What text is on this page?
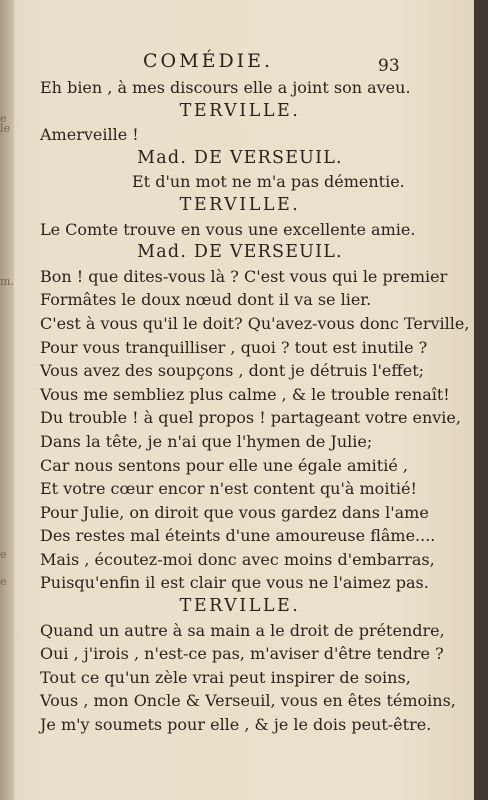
e
le
m.
e
e
COMÉDIE.	93
Eh bien , à mes discours elle a joint son aveu.
TERVILLE.
Amerveille !
Mad. DE VERSEUIL.
Et d'un mot ne m'a pas démentie.
TERVILLE.
Le Comte trouve en vous une excellente amie.
Mad. DE VERSEUIL.
Bon ! que dites-vous là ? C'est vous qui le premier
Formâtes le doux nœud dont il va se lier.
C'est à vous qu'il le doit? Qu'avez-vous donc Terville,
Pour vous tranquilliser , quoi ? tout est inutile ?
Vous avez des soupçons , dont je détruis l'effet;
Vous me sembliez plus calme , & le trouble renaît!
Du trouble ! à quel propos ! partageant votre envie,
Dans la tête, je n'ai que l'hymen de Julie;
Car nous sentons pour elle une égale amitié ,
Et votre cœur encor n'est content qu'à moitié!
Pour Julie, on diroit que vous gardez dans l'ame
Des restes mal éteints d'une amoureuse flâme....
Mais , écoutez-moi donc avec moins d'embarras,
Puisqu'enfin il est clair que vous ne l'aimez pas.
TERVILLE.
Quand un autre à sa main a le droit de prétendre,
Oui , j'irois , n'est-ce pas, m'aviser d'être tendre ?
Tout ce qu'un zèle vrai peut inspirer de soins,
Vous , mon Oncle & Verseuil, vous en êtes témoins,
Je m'y soumets pour elle , & je le dois peut-être.
